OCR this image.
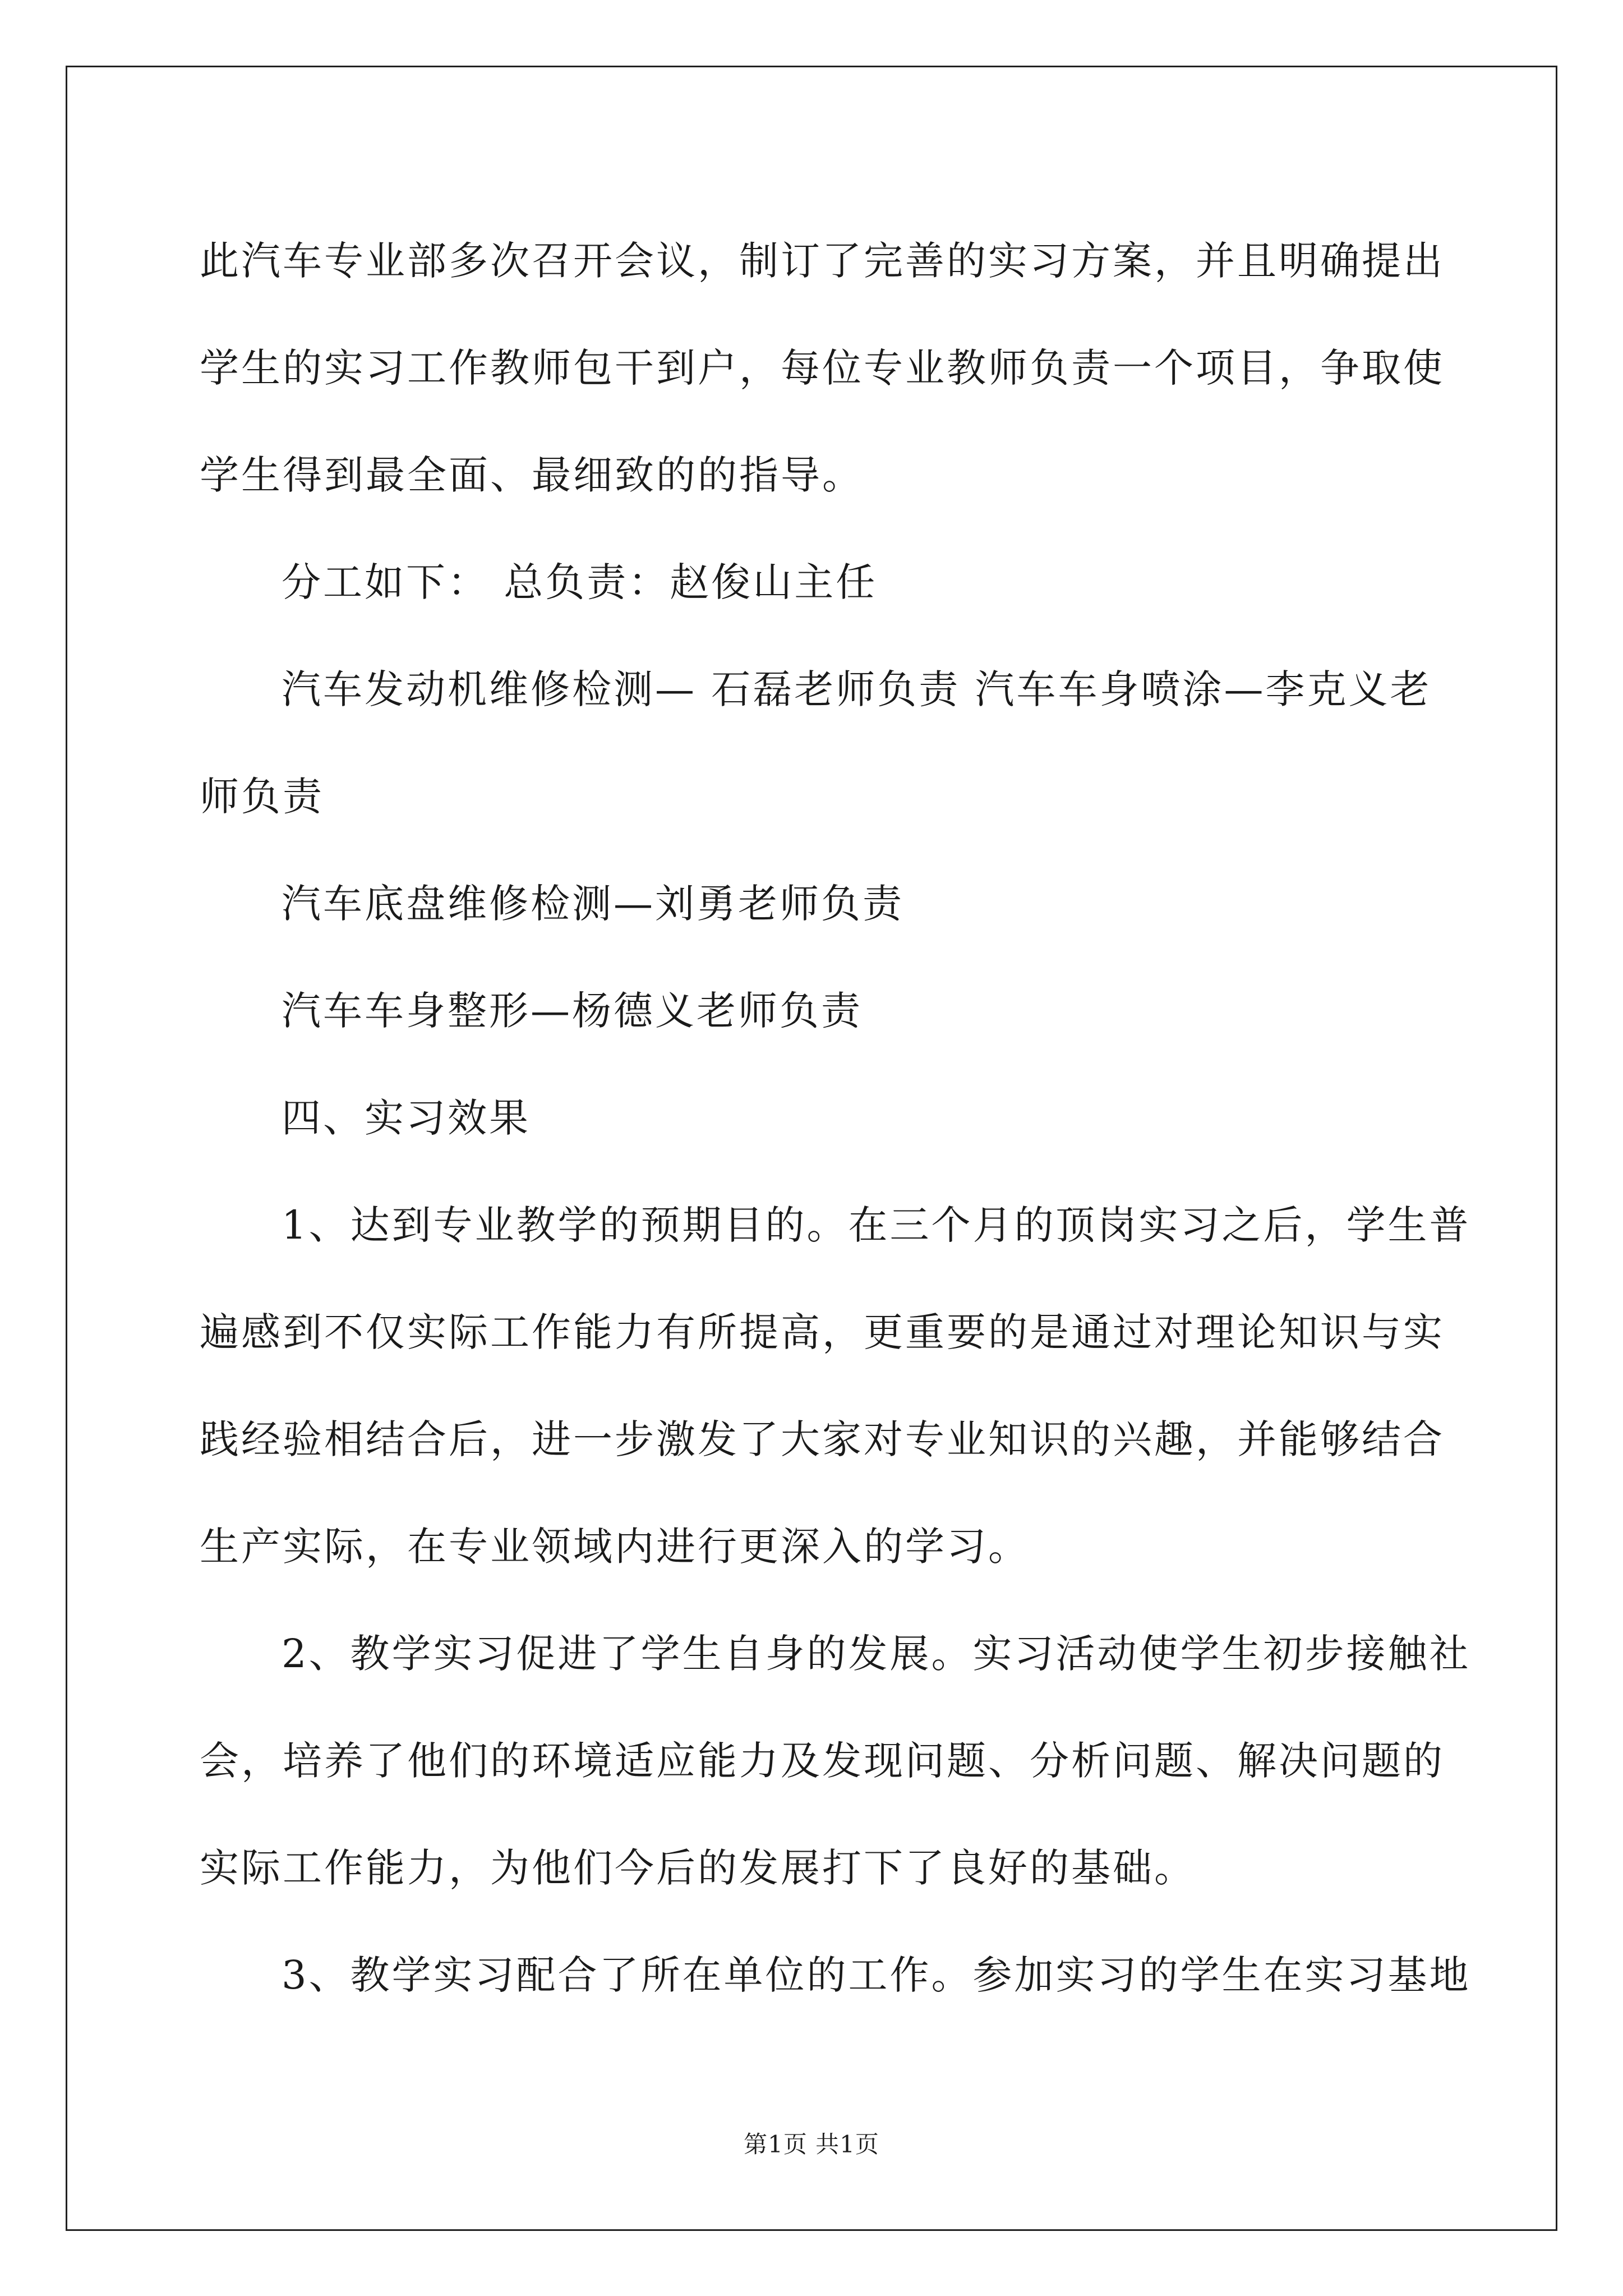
此汽车专业部多次召开会议，制订了完善的实习方案，并且明确提出
学生的实习工作教师包干到户，每位专业教师负责一个项目，争取使
学生得到最全面、最细致的的指导。
分工如下： 总负责：赵俊山主任
汽车发动机维修检测— 石磊老师负责 汽车车身喷涂—李克义老
师负责
汽车底盘维修检测—刘勇老师负责
汽车车身整形—杨德义老师负责
四、实习效果
1、达到专业教学的预期目的。在三个月的顶岗实习之后，学生普
遍感到不仅实际工作能力有所提高，更重要的是通过对理论知识与实
践经验相结合后，进一步激发了大家对专业知识的兴趣，并能够结合
生产实际，在专业领域内进行更深入的学习。
2、教学实习促进了学生自身的发展。实习活动使学生初步接触社
会，培养了他们的环境适应能力及发现问题、分析问题、解决问题的
实际工作能力，为他们今后的发展打下了良好的基础。
3、教学实习配合了所在单位的工作。参加实习的学生在实习基地
第1页 共1页
